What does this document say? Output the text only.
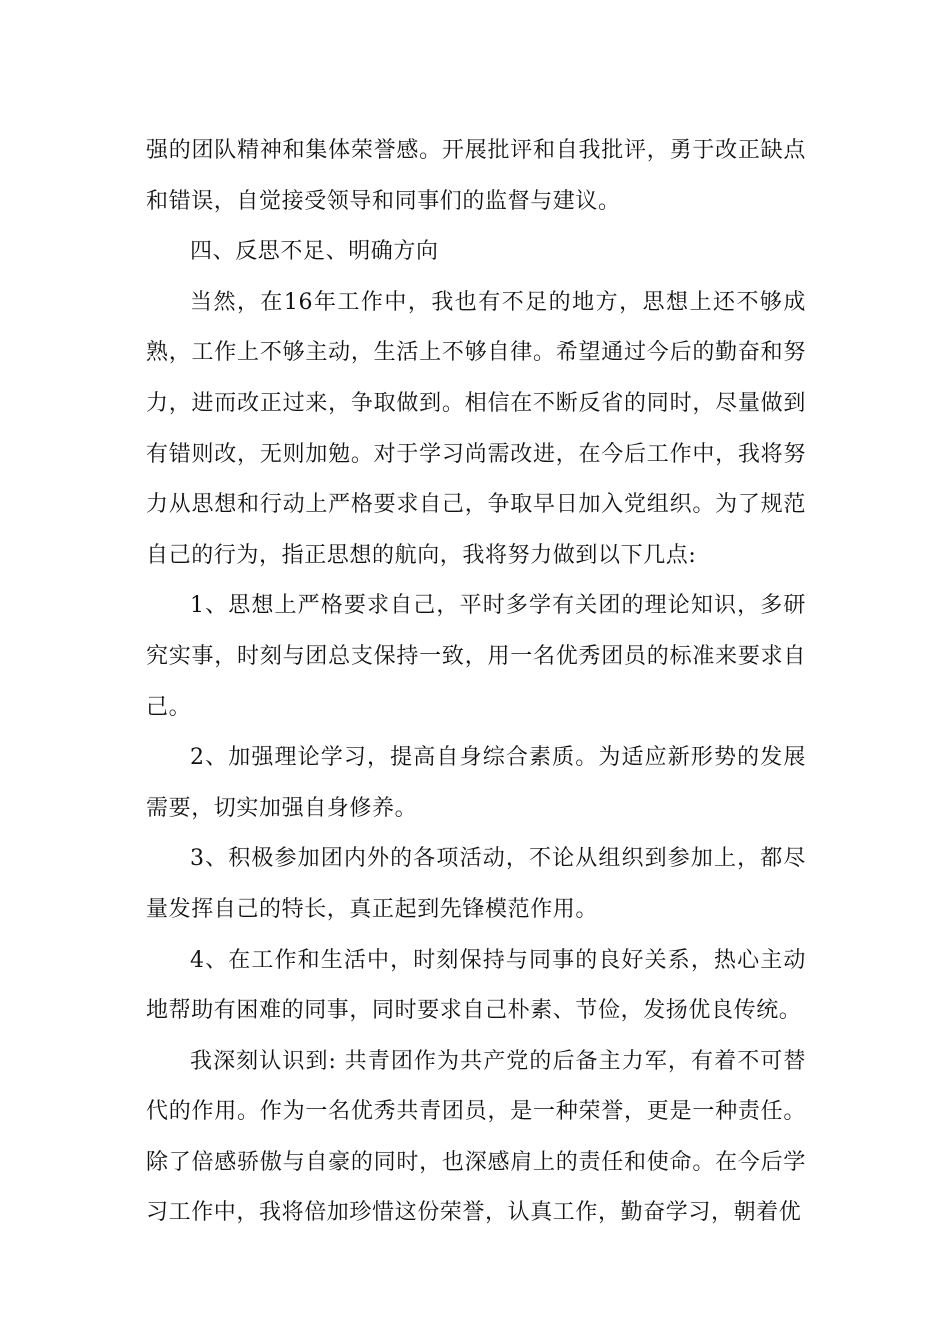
强的团队精神和集体荣誉感。开展批评和自我批评，勇于改正缺点和错误，自觉接受领导和同事们的监督与建议。

四、反思不足、明确方向

当然，在16年工作中，我也有不足的地方，思想上还不够成熟，工作上不够主动，生活上不够自律。希望通过今后的勤奋和努力，进而改正过来，争取做到。相信在不断反省的同时，尽量做到有错则改，无则加勉。对于学习尚需改进，在今后工作中，我将努力从思想和行动上严格要求自己，争取早日加入党组织。为了规范自己的行为，指正思想的航向，我将努力做到以下几点:

1、思想上严格要求自己，平时多学有关团的理论知识，多研究实事，时刻与团总支保持一致，用一名优秀团员的标准来要求自己。

2、加强理论学习，提高自身综合素质。为适应新形势的发展需要，切实加强自身修养。

3、积极参加团内外的各项活动，不论从组织到参加上，都尽量发挥自己的特长，真正起到先锋模范作用。

4、在工作和生活中，时刻保持与同事的良好关系，热心主动地帮助有困难的同事，同时要求自己朴素、节俭，发扬优良传统。

我深刻认识到: 共青团作为共产党的后备主力军，有着不可替代的作用。作为一名优秀共青团员，是一种荣誉，更是一种责任。除了倍感骄傲与自豪的同时，也深感肩上的责任和使命。在今后学习工作中，我将倍加珍惜这份荣誉，认真工作，勤奋学习，朝着优
